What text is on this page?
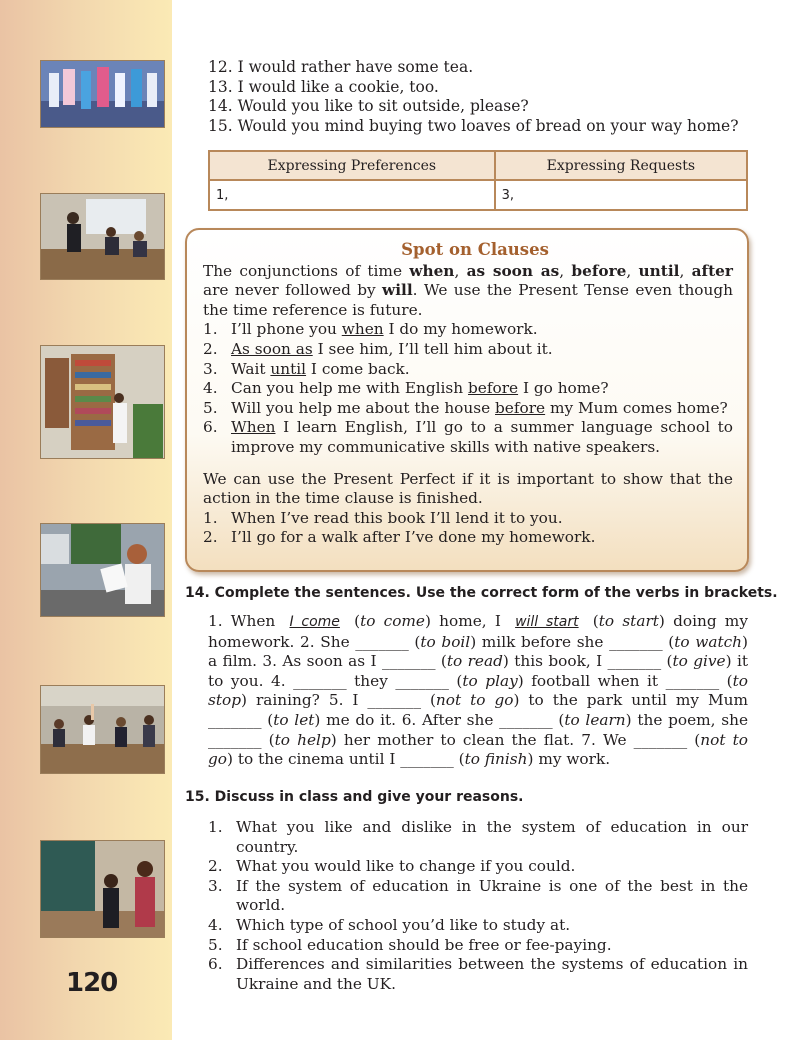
120
12. I would rather have some tea.
13. I would like a cookie, too.
14. Would you like to sit outside, please?
15. Would you mind buying two loaves of bread on your way home?
Expressing Preferences	Expressing Requests
1,	3,
Spot on Clauses

The conjunctions of time when, as soon as, before, until, after are never followed by will. We use the Present Tense even though the time reference is future.

1. I’ll phone you when I do my homework.
2. As soon as I see him, I’ll tell him about it.
3. Wait until I come back.
4. Can you help me with English before I go home?
5. Will you help me about the house before my Mum comes home?
6. When I learn English, I’ll go to a summer language school to improve my communicative skills with native speakers.

We can use the Present Perfect if it is important to show that the action in the time clause is finished.

1. When I’ve read this book I’ll lend it to you.
2. I’ll go for a walk after I’ve done my homework.
14. Complete the sentences. Use the correct form of the verbs in brackets.
1. When I come (to come) home, I will start (to start) doing my homework. 2. She _______ (to boil) milk before she _______ (to watch) a film. 3. As soon as I _______ (to read) this book, I _______ (to give) it to you. 4. _______ they _______ (to play) football when it _______ (to stop) raining? 5. I _______ (not to go) to the park until my Mum _______ (to let) me do it. 6. After she _______ (to learn) the poem, she _______ (to help) her mother to clean the flat. 7. We _______ (not to go) to the cinema until I _______ (to finish) my work.
15. Discuss in class and give your reasons.
1. What you like and dislike in the system of education in our country.
2. What you would like to change if you could.
3. If the system of education in Ukraine is one of the best in the world.
4. Which type of school you’d like to study at.
5. If school education should be free or fee-paying.
6. Differences and similarities between the systems of education in Ukraine and the UK.
